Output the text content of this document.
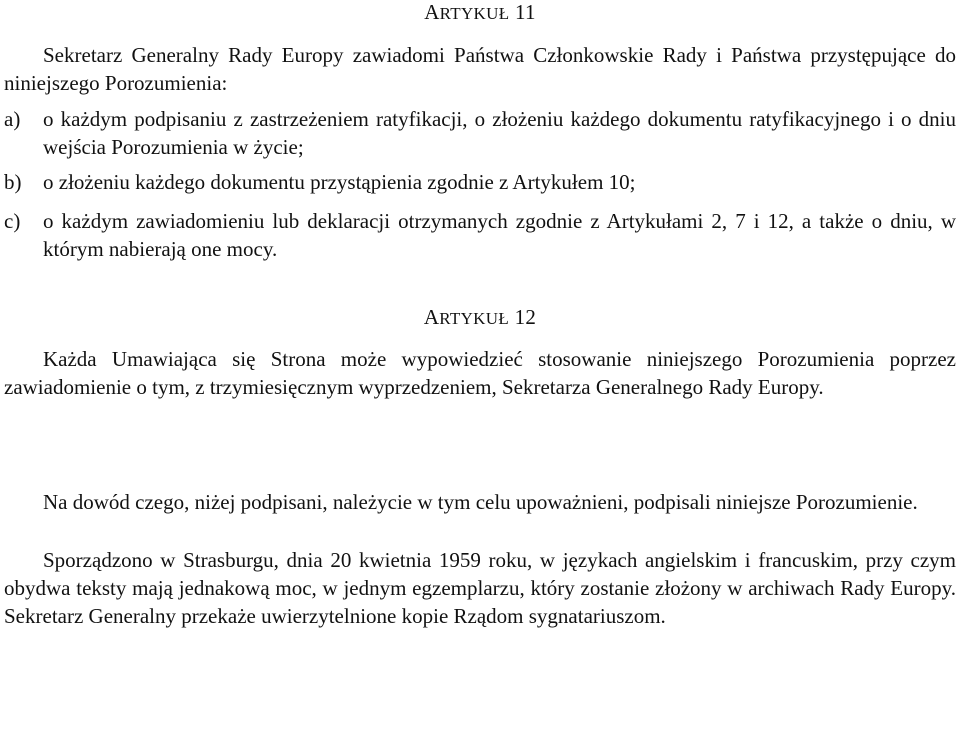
ARTYKUŁ 11

Sekretarz Generalny Rady Europy zawiadomi Państwa Członkowskie Rady i Państwa przystępujące do niniejszego Porozumienia:

a) o każdym podpisaniu z zastrzeżeniem ratyfikacji, o złożeniu każdego dokumentu ratyfikacyjnego i o dniu wejścia Porozumienia w życie;

b) o złożeniu każdego dokumentu przystąpienia zgodnie z Artykułem 10;

c) o każdym zawiadomieniu lub deklaracji otrzymanych zgodnie z Artykułami 2, 7 i 12, a także o dniu, w którym nabierają one mocy.

ARTYKUŁ 12

Każda Umawiająca się Strona może wypowiedzieć stosowanie niniejszego Porozumienia poprzez zawiadomienie o tym, z trzymiesięcznym wyprzedzeniem, Sekretarza Generalnego Rady Europy.

Na dowód czego, niżej podpisani, należycie w tym celu upoważnieni, podpisali niniejsze Porozumienie.

Sporządzono w Strasburgu, dnia 20 kwietnia 1959 roku, w językach angielskim i francuskim, przy czym obydwa teksty mają jednakową moc, w jednym egzemplarzu, który zostanie złożony w archiwach Rady Europy. Sekretarz Generalny przekaże uwierzytelnione kopie Rządom sygnatariuszom.
